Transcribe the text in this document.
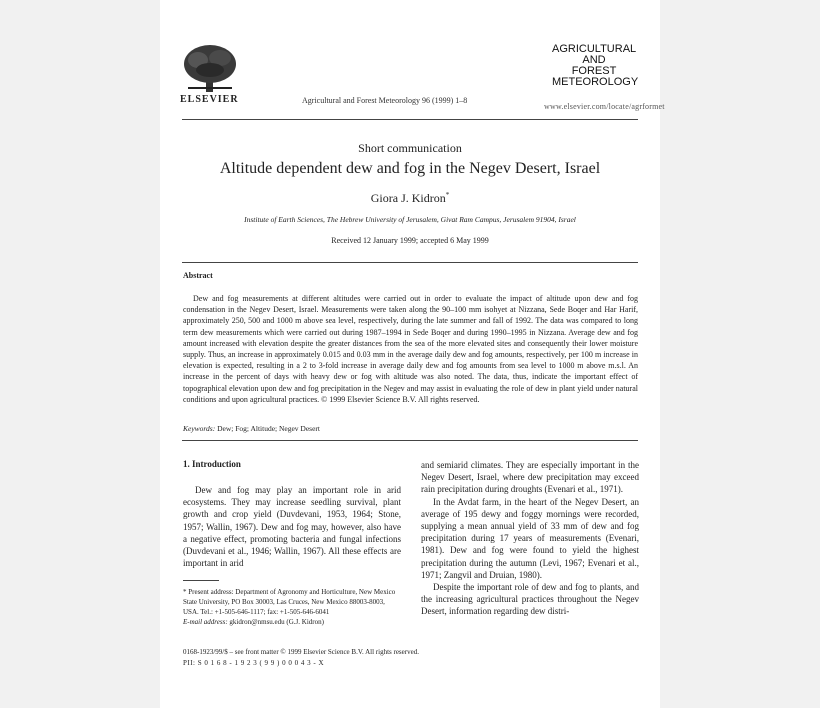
ELSEVIER	Agricultural and Forest Meteorology 96 (1999) 1–8
AGRICULTURAL
AND
FOREST
METEOROLOGY
www.elsevier.com/locate/agrformet
Short communication
Altitude dependent dew and fog in the Negev Desert, Israel
Giora J. Kidron*
Institute of Earth Sciences, The Hebrew University of Jerusalem, Givat Ram Campus, Jerusalem 91904, Israel
Received 12 January 1999; accepted 6 May 1999
Abstract
Dew and fog measurements at different altitudes were carried out in order to evaluate the impact of altitude upon dew and fog condensation in the Negev Desert, Israel. Measurements were taken along the 90–100 mm isohyet at Nizzana, Sede Boqer and Har Harif, approximately 250, 500 and 1000 m above sea level, respectively, during the late summer and fall of 1992. The data was compared to long term dew measurements which were carried out during 1987–1994 in Sede Boqer and during 1990–1995 in Nizzana. Average dew and fog amount increased with elevation despite the greater distances from the sea of the more elevated sites and consequently their lower moisture supply. Thus, an increase in approximately 0.015 and 0.03 mm in the average daily dew and fog amounts, respectively, per 100 m increase in elevation is expected, resulting in a 2 to 3-fold increase in average daily dew and fog amounts from sea level to 1000 m above m.s.l. An increase in the percent of days with heavy dew or fog with altitude was also noted. The data, thus, indicate the important effect of topographical elevation upon dew and fog precipitation in the Negev and may assist in evaluating the role of dew in plant yield under natural conditions and upon agricultural practices. © 1999 Elsevier Science B.V. All rights reserved.
Keywords: Dew; Fog; Altitude; Negev Desert
1. Introduction

Dew and fog may play an important role in arid ecosystems. They may increase seedling survival, plant growth and crop yield (Duvdevani, 1953, 1964; Stone, 1957; Wallin, 1967). Dew and fog may, however, also have a negative effect, promoting bacteria and fungal infections (Duvdevani et al., 1946; Wallin, 1967). All these effects are important in arid

and semiarid climates. They are especially important in the Negev Desert, Israel, where dew precipitation may exceed rain precipitation during droughts (Evenari et al., 1971).

In the Avdat farm, in the heart of the Negev Desert, an average of 195 dewy and foggy mornings were recorded, supplying a mean annual yield of 33 mm of dew and fog precipitation during 17 years of measurements (Evenari, 1981). Dew and fog were found to yield the highest precipitation during the autumn (Levi, 1967; Evenari et al., 1971; Zangvil and Druian, 1980).

Despite the important role of dew and fog to plants, and the increasing agricultural practices throughout the Negev Desert, information regarding dew distri-

* Present address: Department of Agronomy and Horticulture, New Mexico State University, PO Box 30003, Las Cruces, New Mexico 88003-8003, USA. Tel.: +1-505-646-1117; fax: +1-505-646-6041
E-mail address: gkidron@nmsu.edu (G.J. Kidron)
0168-1923/99/$ – see front matter © 1999 Elsevier Science B.V. All rights reserved.
PII: S 0 1 6 8 - 1 9 2 3 ( 9 9 ) 0 0 0 4 3 - X
